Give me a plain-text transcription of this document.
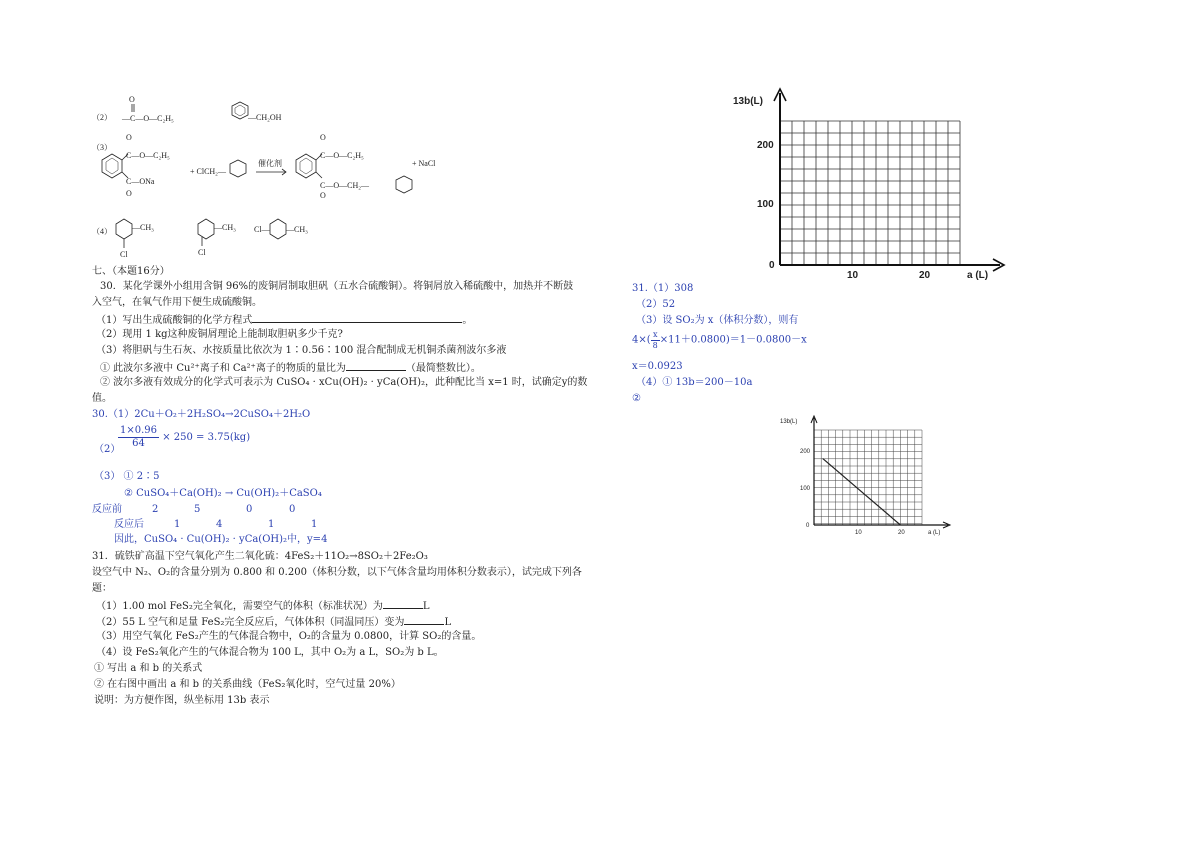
（2）
O
—C—O—C₂H₅	—CH₂OH
（3）
O
C—O—C₂H₅
C—ONa
O
+ ClCH₂—
催化剂
O
C—O—C₂H₅
C—O—CH₂—
O
+ NaCl
（4）	—CH₃
Cl
—CH₃
Cl
Cl— —CH₃
七、（本题16分）
30．某化学课外小组用含铜 96%的废铜屑制取胆矾（五水合硫酸铜）。将铜屑放入稀硫酸中，加热并不断鼓
入空气，在氧气作用下便生成硫酸铜。
（1）写出生成硫酸铜的化学方程式	。
（2）现用 1 kg这种废铜屑理论上能制取胆矾多少千克?
（3）将胆矾与生石灰、水按质量比依次为 1∶0.56∶100 混合配制成无机铜杀菌剂波尔多液
① 此波尔多液中 Cu²⁺离子和 Ca²⁺离子的物质的量比为	（最简整数比）。
② 波尔多液有效成分的化学式可表示为 CuSO₄ · xCu(OH)₂ · yCa(OH)₂，此种配比当 x=1 时，试确定y的数
值。
30.（1）2Cu＋O₂＋2H₂SO₄→2CuSO₄＋2H₂O
（2）
$\frac{1\times 0.96}{64} \times 250 = 3.75(kg)$
（3） ① 2∶5
② CuSO₄＋Ca(OH)₂ → Cu(OH)₂＋CaSO₄
反应前	2	5	0	0
反应后	1	4	1	1
因此，CuSO₄ · Cu(OH)₂ · yCa(OH)₂中，y=4
31．硫铁矿高温下空气氧化产生二氧化硫：4FeS₂＋11O₂→8SO₂＋2Fe₂O₃
设空气中 N₂、O₂的含量分别为 0.800 和 0.200（体积分数，以下气体含量均用体积分数表示），试完成下列各
题：
（1）1.00 mol FeS₂完全氧化，需要空气的体积（标准状况）为	L
（2）55 L 空气和足量 FeS₂完全反应后，气体体积（同温同压）变为	L
（3）用空气氧化 FeS₂产生的气体混合物中，O₂的含量为 0.0800，计算 SO₂的含量。
（4）设 FeS₂氧化产生的气体混合物为 100 L，其中 O₂为 a L，SO₂为 b L。
① 写出 a 和 b 的关系式
② 在右图中画出 a 和 b 的关系曲线（FeS₂氧化时，空气过量 20%）
说明：为方便作图，纵坐标用 13b 表示
13b(L)
200
100
0
10	20	a (L)
31.（1）308
（2）52
（3）设 SO₂为 x（体积分数），则有
$4\times( \frac{x}{8} \times 11+0.0800)=1-0.0800-x$
x＝0.0923
（4）① 13b＝200－10a
②
13b(L)
200
100
0
10	20	a (L)
